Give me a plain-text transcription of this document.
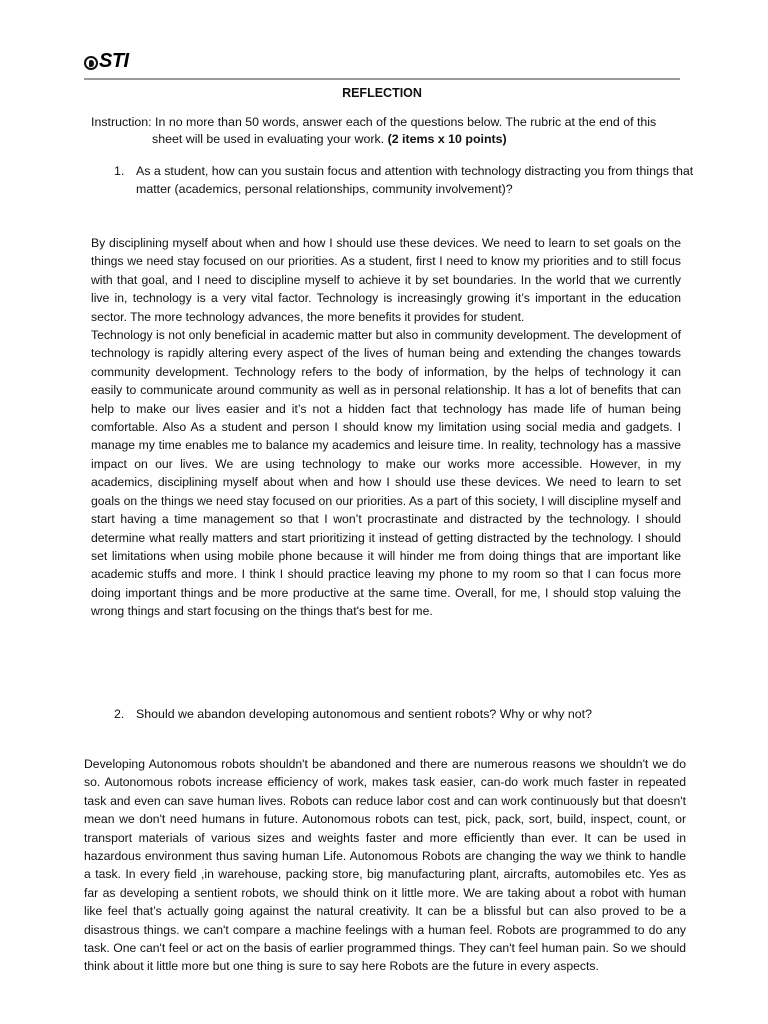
STI
REFLECTION
Instruction: In no more than 50 words, answer each of the questions below. The rubric at the end of this
sheet will be used in evaluating your work. (2 items x 10 points)
1. As a student, how can you sustain focus and attention with technology distracting you from things that matter (academics, personal relationships, community involvement)?

By disciplining myself about when and how I should use these devices. We need to learn to set goals on the things we need stay focused on our priorities. As a student, first I need to know my priorities and to still focus with that goal, and I need to discipline myself to achieve it by set boundaries. In the world that we currently live in, technology is a very vital factor. Technology is increasingly growing it’s important in the education sector. The more technology advances, the more benefits it provides for student.

Technology is not only beneficial in academic matter but also in community development. The development of technology is rapidly altering every aspect of the lives of human being and extending the changes towards community development. Technology refers to the body of information, by the helps of technology it can easily to communicate around community as well as in personal relationship. It has a lot of benefits that can help to make our lives easier and it’s not a hidden fact that technology has made life of human being comfortable. Also As a student and person I should know my limitation using social media and gadgets. I manage my time enables me to balance my academics and leisure time. In reality, technology has a massive impact on our lives. We are using technology to make our works more accessible. However, in my academics, disciplining myself about when and how I should use these devices. We need to learn to set goals on the things we need stay focused on our priorities. As a part of this society, I will discipline myself and start having a time management so that I won’t procrastinate and distracted by the technology. I should determine what really matters and start prioritizing it instead of getting distracted by the technology. I should set limitations when using mobile phone because it will hinder me from doing things that are important like academic stuffs and more. I think I should practice leaving my phone to my room so that I can focus more doing important things and be more productive at the same time. Overall, for me, I should stop valuing the wrong things and start focusing on the things that's best for me.

2. Should we abandon developing autonomous and sentient robots? Why or why not?

Developing Autonomous robots shouldn't be abandoned and there are numerous reasons we shouldn't we do so. Autonomous robots increase efficiency of work, makes task easier, can-do work much faster in repeated task and even can save human lives. Robots can reduce labor cost and can work continuously but that doesn't mean we don't need humans in future. Autonomous robots can test, pick, pack, sort, build, inspect, count, or transport materials of various sizes and weights faster and more efficiently than ever. It can be used in hazardous environment thus saving human Life. Autonomous Robots are changing the way we think to handle a task. In every field ,in warehouse, packing store, big manufacturing plant, aircrafts, automobiles etc. Yes as far as developing a sentient robots, we should think on it little more. We are taking about a robot with human like feel that’s actually going against the natural creativity. It can be a blissful but can also proved to be a disastrous things. we can't compare a machine feelings with a human feel. Robots are programmed to do any task. One can't feel or act on the basis of earlier programmed things. They can't feel human pain. So we should think about it little more but one thing is sure to say here Robots are the future in every aspects.
